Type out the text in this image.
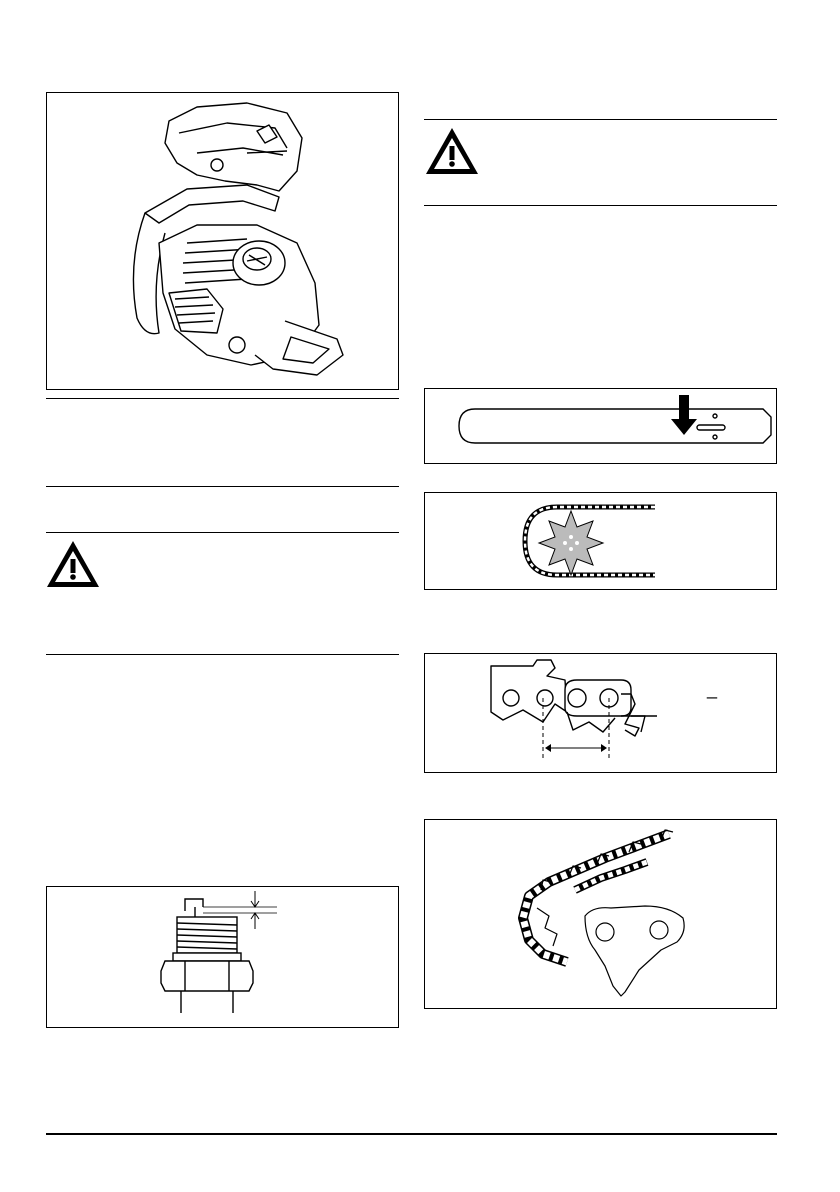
_
